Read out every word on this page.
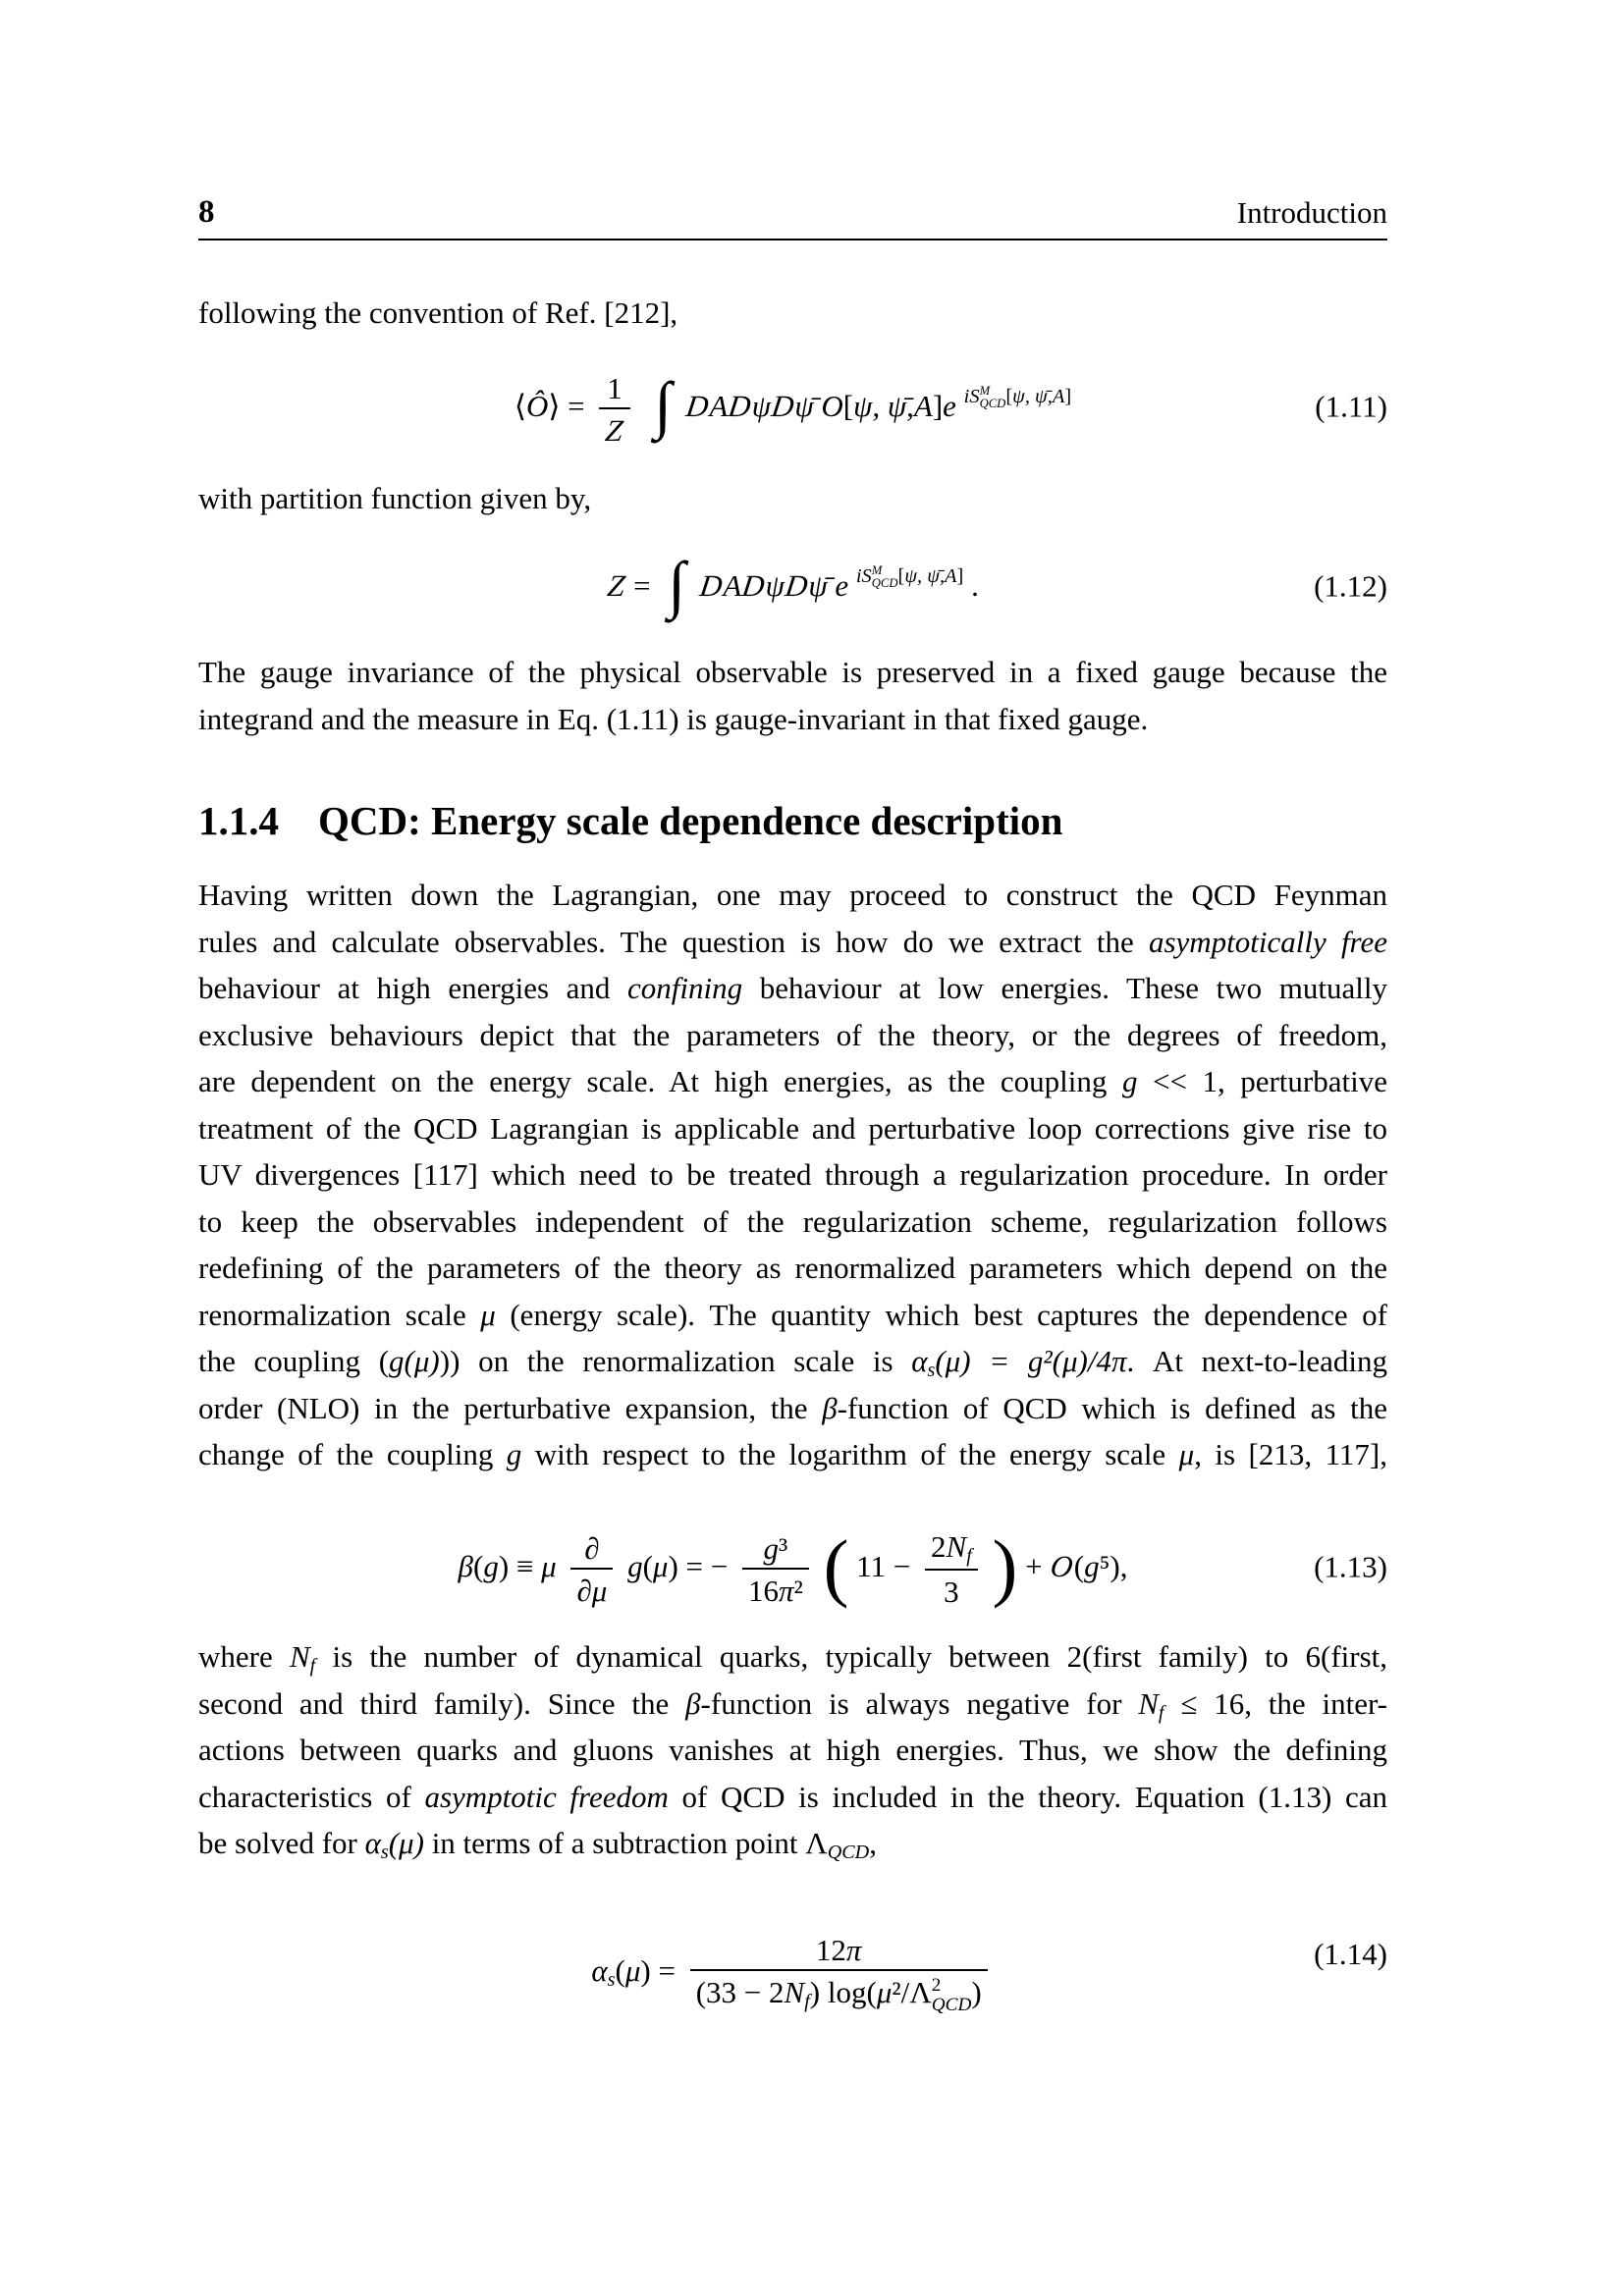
8	Introduction
following the convention of Ref. [212],
⟨Ô⟩ = $\frac{1}{Z}$ ∫ DADψDψ̄ O[ψ, ψ̄,A]e $^{iS M QCD [\psi, \psī,A]}$	(1.11)
with partition function given by,
Z = ∫ DADψDψ̄ e $^{iS M QCD [\psi, \psī,A]}$ .	(1.12)
The gauge invariance of the physical observable is preserved in a fixed gauge because the
integrand and the measure in Eq. (1.11) is gauge-invariant in that fixed gauge.
1.1.4 QCD: Energy scale dependence description
Having written down the Lagrangian, one may proceed to construct the QCD Feynman
rules and calculate observables. The question is how do we extract the asymptotically free
behaviour at high energies and confining behaviour at low energies. These two mutually
exclusive behaviours depict that the parameters of the theory, or the degrees of freedom,
are dependent on the energy scale. At high energies, as the coupling g << 1, perturbative
treatment of the QCD Lagrangian is applicable and perturbative loop corrections give rise to
UV divergences [117] which need to be treated through a regularization procedure. In order
to keep the observables independent of the regularization scheme, regularization follows
redefining of the parameters of the theory as renormalized parameters which depend on the
renormalization scale μ (energy scale). The quantity which best captures the dependence of
the coupling (g(μ))) on the renormalization scale is $\alpha_s(\mu) = g^2(\mu)/4\pi$. At next-to-leading
order (NLO) in the perturbative expansion, the β-function of QCD which is defined as the
change of the coupling g with respect to the logarithm of the energy scale μ, is [213, 117],
β(g) ≡ μ $\frac{\partial}{\partial\mu} g(\mu)$ = − $\frac{\text{g³}}{\text{16π²}}$ ( $11 - \frac{2N_f}{3}$ ) + O(g⁵),	(1.13)
where $N_f$ is the number of dynamical quarks, typically between 2(first family) to 6(first,
second and third family). Since the β-function is always negative for $N_f \le 16$, the inter-
actions between quarks and gluons vanishes at high energies. Thus, we show the defining
characteristics of asymptotic freedom of QCD is included in the theory. Equation (1.13) can
be solved for $\alpha_s(\mu)$ in terms of a subtraction point $\Lambda_{QCD}$,
$\alpha_s(\mu) = 12\pi$
$(33 - 2N_f)$ log(μ²/Λ 2
QCD )	(1.14)
